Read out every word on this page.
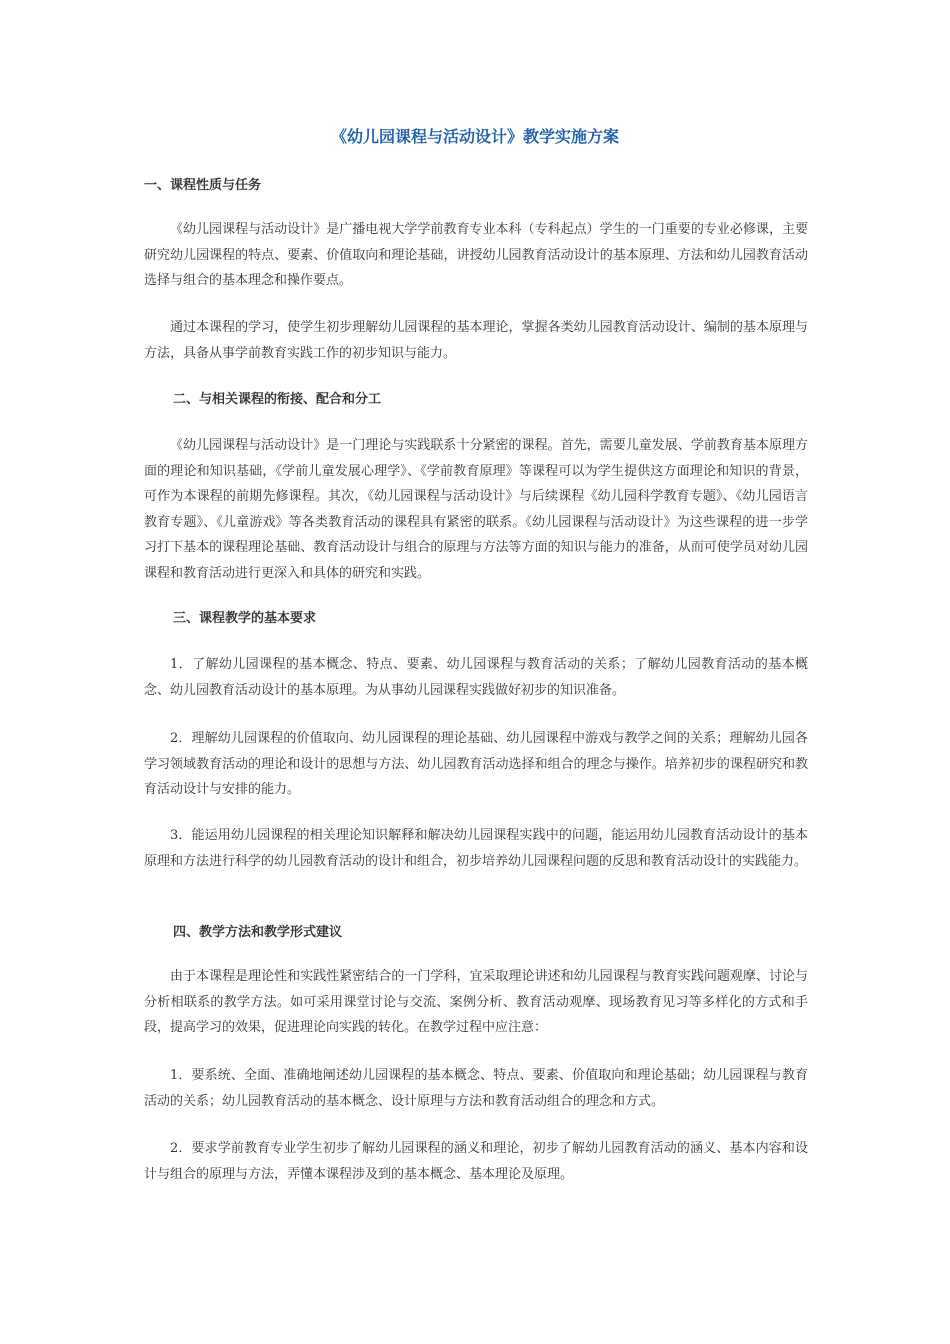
《幼儿园课程与活动设计》教学实施方案
一、课程性质与任务

《幼儿园课程与活动设计》是广播电视大学学前教育专业本科（专科起点）学生的一门重要的专业必修课，主要研究幼儿园课程的特点、要素、价值取向和理论基础，讲授幼儿园教育活动设计的基本原理、方法和幼儿园教育活动选择与组合的基本理念和操作要点。

通过本课程的学习，使学生初步理解幼儿园课程的基本理论，掌握各类幼儿园教育活动设计、编制的基本原理与方法，具备从事学前教育实践工作的初步知识与能力。

二、与相关课程的衔接、配合和分工

《幼儿园课程与活动设计》是一门理论与实践联系十分紧密的课程。首先，需要儿童发展、学前教育基本原理方面的理论和知识基础，《学前儿童发展心理学》、《学前教育原理》等课程可以为学生提供这方面理论和知识的背景，可作为本课程的前期先修课程。其次，《幼儿园课程与活动设计》与后续课程《幼儿园科学教育专题》、《幼儿园语言教育专题》、《儿童游戏》等各类教育活动的课程具有紧密的联系。《幼儿园课程与活动设计》为这些课程的进一步学习打下基本的课程理论基础、教育活动设计与组合的原理与方法等方面的知识与能力的准备，从而可使学员对幼儿园课程和教育活动进行更深入和具体的研究和实践。

三、课程教学的基本要求

1．了解幼儿园课程的基本概念、特点、要素、幼儿园课程与教育活动的关系；了解幼儿园教育活动的基本概念、幼儿园教育活动设计的基本原理。为从事幼儿园课程实践做好初步的知识准备。

2．理解幼儿园课程的价值取向、幼儿园课程的理论基础、幼儿园课程中游戏与教学之间的关系；理解幼儿园各学习领域教育活动的理论和设计的思想与方法、幼儿园教育活动选择和组合的理念与操作。培养初步的课程研究和教育活动设计与安排的能力。

3．能运用幼儿园课程的相关理论知识解释和解决幼儿园课程实践中的问题，能运用幼儿园教育活动设计的基本原理和方法进行科学的幼儿园教育活动的设计和组合，初步培养幼儿园课程问题的反思和教育活动设计的实践能力。

四、教学方法和教学形式建议

由于本课程是理论性和实践性紧密结合的一门学科，宜采取理论讲述和幼儿园课程与教育实践问题观摩、讨论与分析相联系的教学方法。如可采用课堂讨论与交流、案例分析、教育活动观摩、现场教育见习等多样化的方式和手段，提高学习的效果，促进理论向实践的转化。在教学过程中应注意：

1．要系统、全面、准确地阐述幼儿园课程的基本概念、特点、要素、价值取向和理论基础；幼儿园课程与教育活动的关系；幼儿园教育活动的基本概念、设计原理与方法和教育活动组合的理念和方式。

2．要求学前教育专业学生初步了解幼儿园课程的涵义和理论，初步了解幼儿园教育活动的涵义、基本内容和设计与组合的原理与方法，弄懂本课程涉及到的基本概念、基本理论及原理。
